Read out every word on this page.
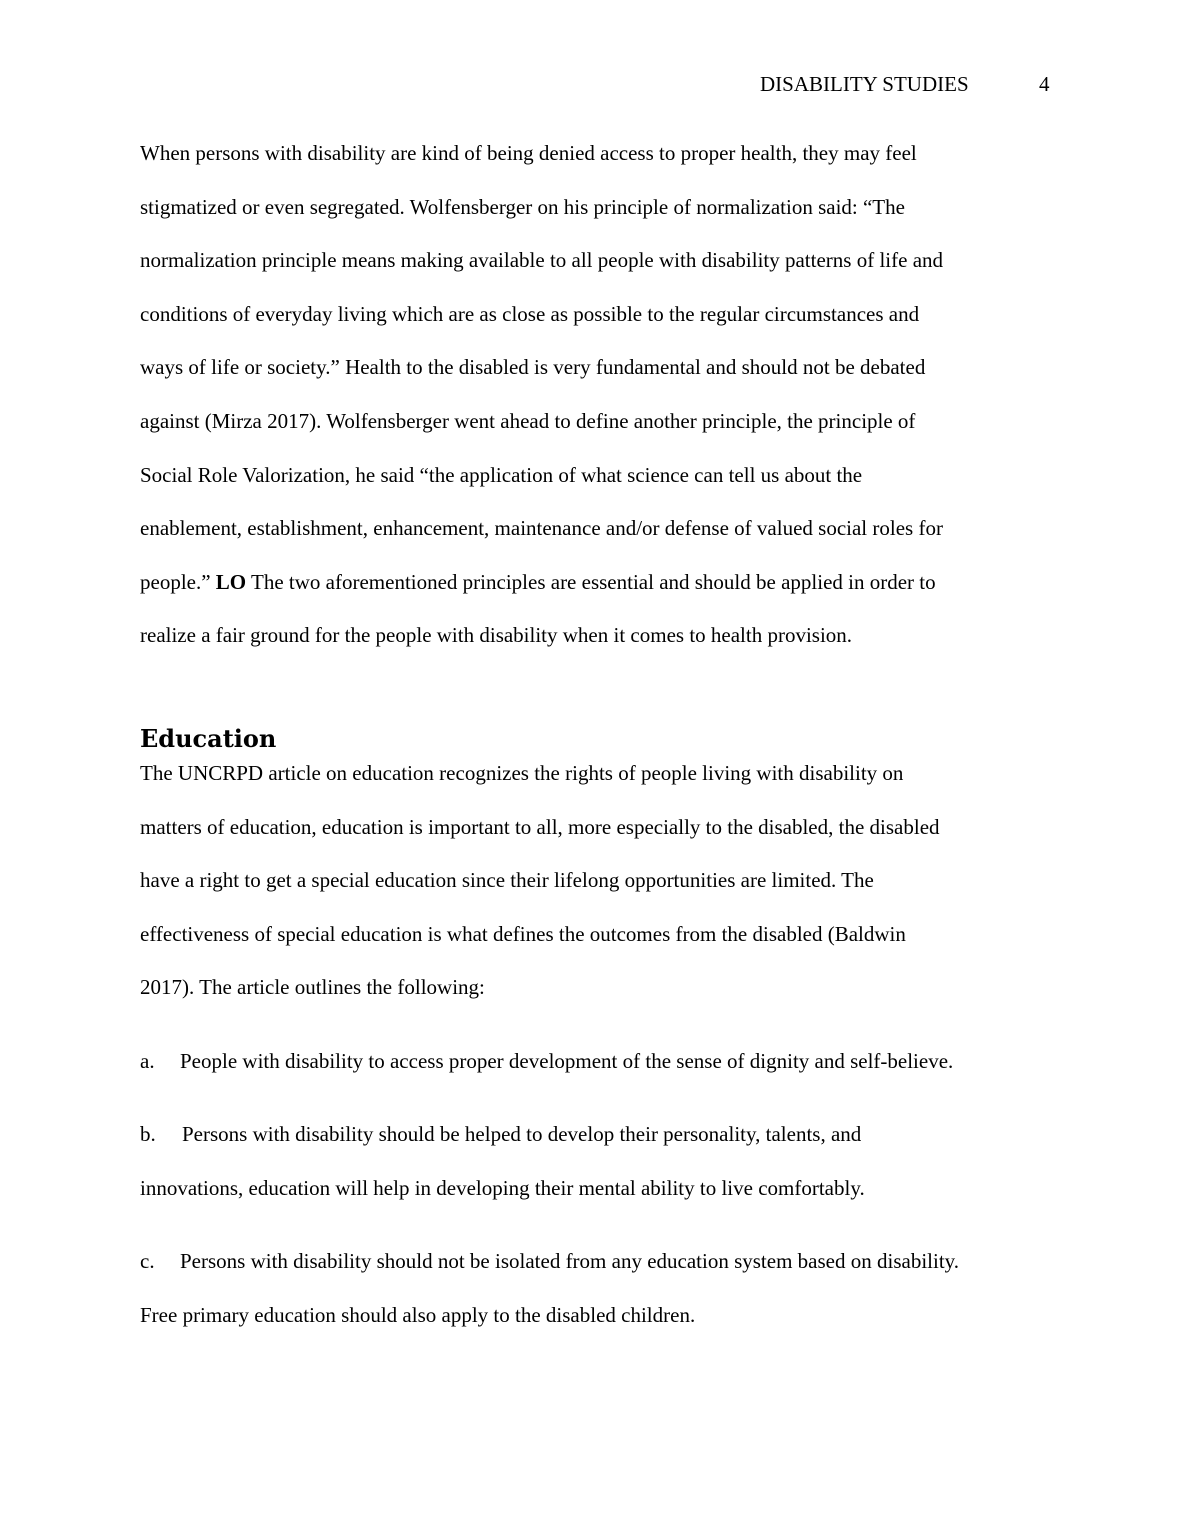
DISABILITY STUDIES	4

When persons with disability are kind of being denied access to proper health, they may feel
stigmatized or even segregated. Wolfensberger on his principle of normalization said: “The
normalization principle means making available to all people with disability patterns of life and
conditions of everyday living which are as close as possible to the regular circumstances and
ways of life or society.” Health to the disabled is very fundamental and should not be debated
against (Mirza 2017). Wolfensberger went ahead to define another principle, the principle of
Social Role Valorization, he said “the application of what science can tell us about the
enablement, establishment, enhancement, maintenance and/or defense of valued social roles for
people.” LO The two aforementioned principles are essential and should be applied in order to
realize a fair ground for the people with disability when it comes to health provision.

Education

The UNCRPD article on education recognizes the rights of people living with disability on
matters of education, education is important to all, more especially to the disabled, the disabled
have a right to get a special education since their lifelong opportunities are limited. The
effectiveness of special education is what defines the outcomes from the disabled (Baldwin
2017). The article outlines the following:

a. People with disability to access proper development of the sense of dignity and self-believe.

b. Persons with disability should be helped to develop their personality, talents, and
innovations, education will help in developing their mental ability to live comfortably.

c. Persons with disability should not be isolated from any education system based on disability.
Free primary education should also apply to the disabled children.
